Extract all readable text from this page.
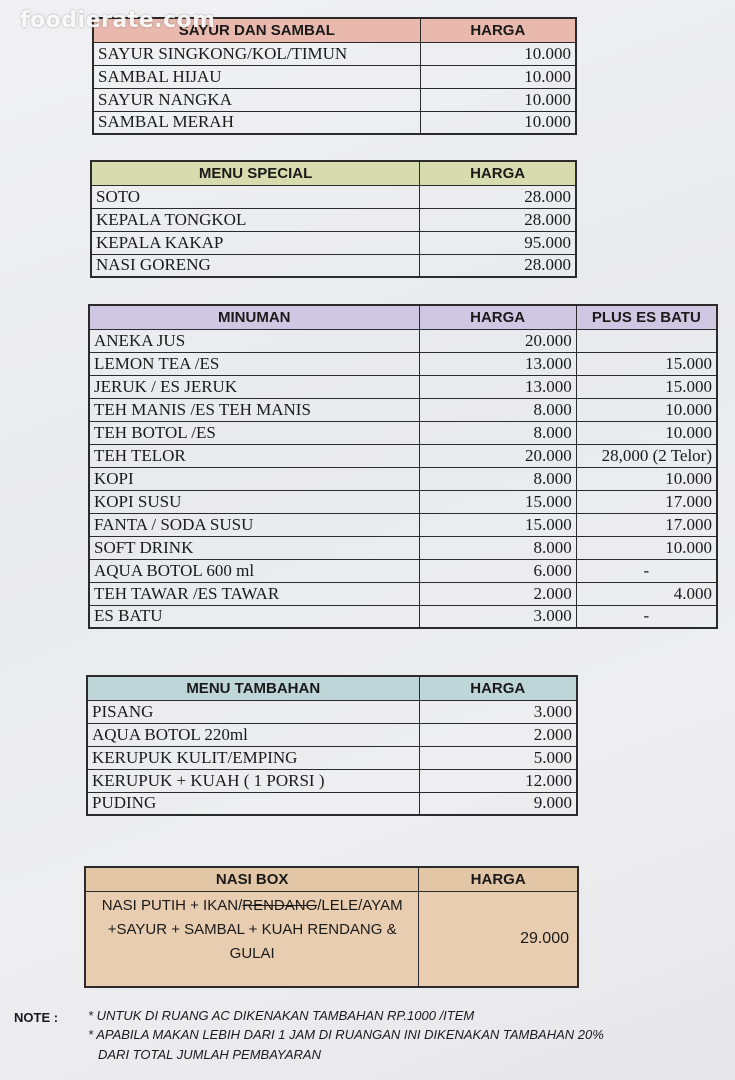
foodierate.com
SAYUR DAN SAMBAL	HARGA
SAYUR SINGKONG/KOL/TIMUN	10.000
SAMBAL HIJAU	10.000
SAYUR NANGKA	10.000
SAMBAL MERAH	10.000
MENU SPECIAL	HARGA
SOTO	28.000
KEPALA TONGKOL	28.000
KEPALA KAKAP	95.000
NASI GORENG	28.000
MINUMAN	HARGA	PLUS ES BATU
ANEKA JUS	20.000	
LEMON TEA /ES	13.000	15.000
JERUK / ES JERUK	13.000	15.000
TEH MANIS /ES TEH MANIS	8.000	10.000
TEH BOTOL /ES	8.000	10.000
TEH TELOR	20.000	28,000 (2 Telor)
KOPI	8.000	10.000
KOPI SUSU	15.000	17.000
FANTA / SODA SUSU	15.000	17.000
SOFT DRINK	8.000	10.000
AQUA BOTOL 600 ml	6.000	-
TEH TAWAR /ES TAWAR	2.000	4.000
ES BATU	3.000	-
MENU TAMBAHAN	HARGA
PISANG	3.000
AQUA BOTOL 220ml	2.000
KERUPUK KULIT/EMPING	5.000
KERUPUK + KUAH ( 1 PORSI )	12.000
PUDING	9.000
NASI BOX	HARGA
NASI PUTIH + IKAN/RENDANG/LELE/AYAM
+SAYUR + SAMBAL + KUAH RENDANG &
GULAI	29.000
NOTE : * UNTUK DI RUANG AC DIKENAKAN TAMBAHAN RP.1000 /ITEM
* APABILA MAKAN LEBIH DARI 1 JAM DI RUANGAN INI DIKENAKAN TAMBAHAN 20%
DARI TOTAL JUMLAH PEMBAYARAN
